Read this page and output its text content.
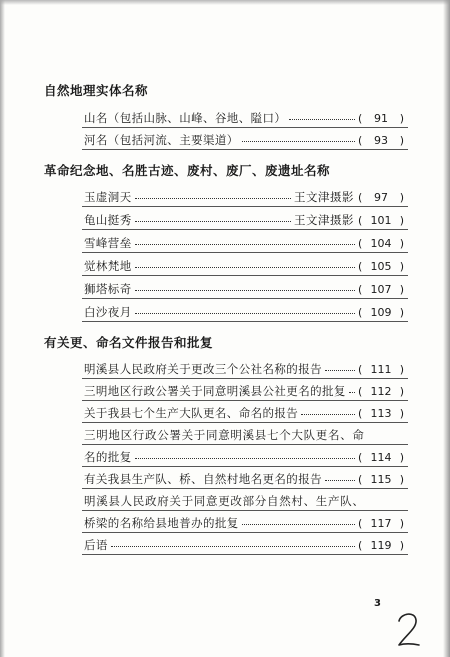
自然地理实体名称
山名（包括山脉、山峰、谷地、隘口）	(	91	)
河名（包括河流、主要渠道）	(	93	)
革命纪念地、名胜古迹、废村、废厂、废遗址名称
玉虚洞天	王文津摄影 (	97	)
龟山挺秀	王文津摄影 ( 101 )
雪峰营垒	( 104 )
觉林梵地	( 105 )
狮塔标奇	( 107 )
白沙夜月	( 109 )
有关更、命名文件报告和批复
明溪县人民政府关于更改三个公社名称的报告	( 111 )
三明地区行政公署关于同意明溪县公社更名的批复 ( 112 )
关于我县七个生产大队更名、命名的报告	( 113 )
三明地区行政公署关于同意明溪县七个大队更名、命
名的批复	( 114 )
有关我县生产队、桥、自然村地名更名的报告	( 115 )
明溪县人民政府关于同意更改部分自然村、生产队、
桥梁的名称给县地普办的批复	( 117 )
后语	( 119 )
3
